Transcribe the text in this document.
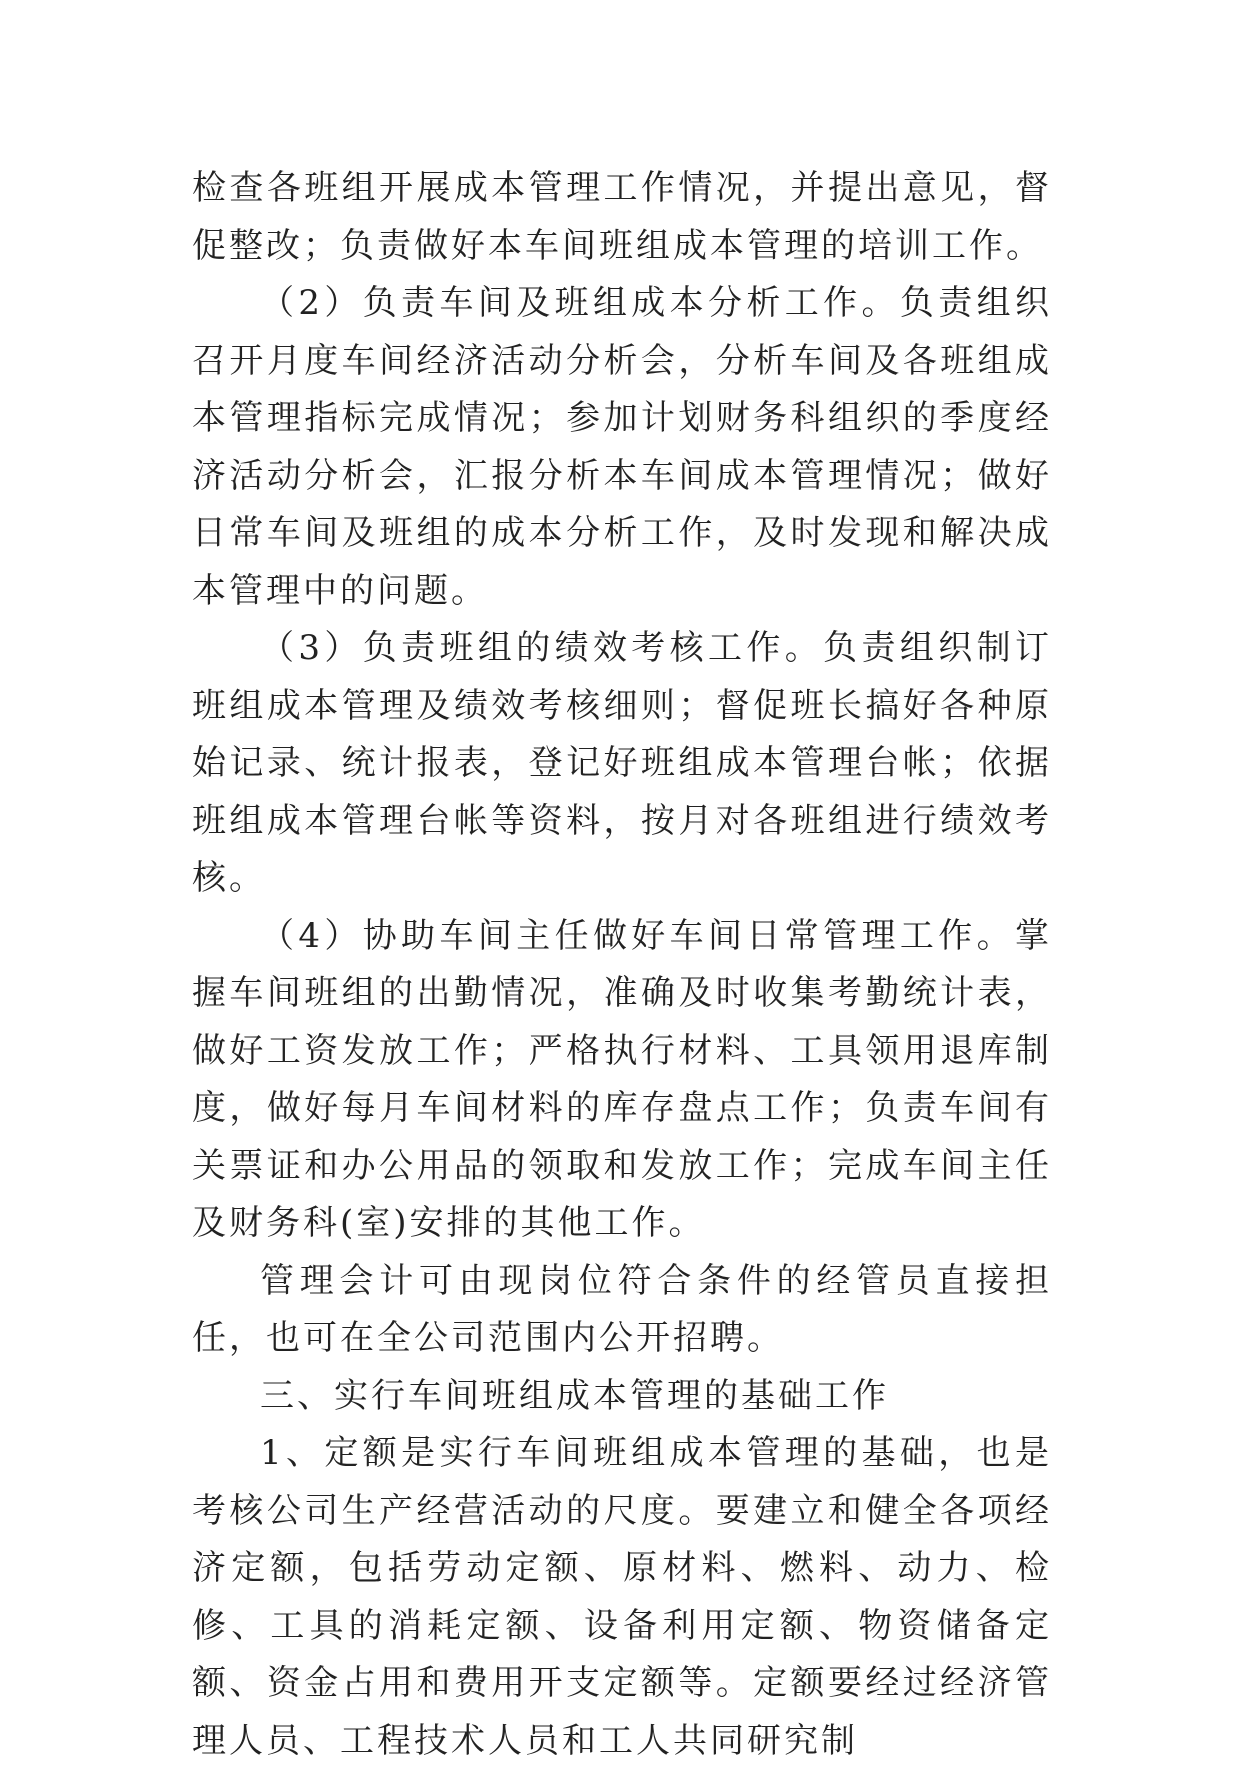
检查各班组开展成本管理工作情况，并提出意见，督促整改；负责做好本车间班组成本管理的培训工作。

（2）负责车间及班组成本分析工作。负责组织召开月度车间经济活动分析会，分析车间及各班组成本管理指标完成情况；参加计划财务科组织的季度经济活动分析会，汇报分析本车间成本管理情况；做好日常车间及班组的成本分析工作，及时发现和解决成本管理中的问题。

（3）负责班组的绩效考核工作。负责组织制订班组成本管理及绩效考核细则；督促班长搞好各种原始记录、统计报表，登记好班组成本管理台帐；依据班组成本管理台帐等资料，按月对各班组进行绩效考核。

（4）协助车间主任做好车间日常管理工作。掌握车间班组的出勤情况，准确及时收集考勤统计表，做好工资发放工作；严格执行材料、工具领用退库制度，做好每月车间材料的库存盘点工作；负责车间有关票证和办公用品的领取和发放工作；完成车间主任及财务科(室)安排的其他工作。

管理会计可由现岗位符合条件的经管员直接担任，也可在全公司范围内公开招聘。

三、实行车间班组成本管理的基础工作

1、定额是实行车间班组成本管理的基础，也是考核公司生产经营活动的尺度。要建立和健全各项经济定额，包括劳动定额、原材料、燃料、动力、检修、工具的消耗定额、设备利用定额、物资储备定额、资金占用和费用开支定额等。定额要经过经济管理人员、工程技术人员和工人共同研究制
